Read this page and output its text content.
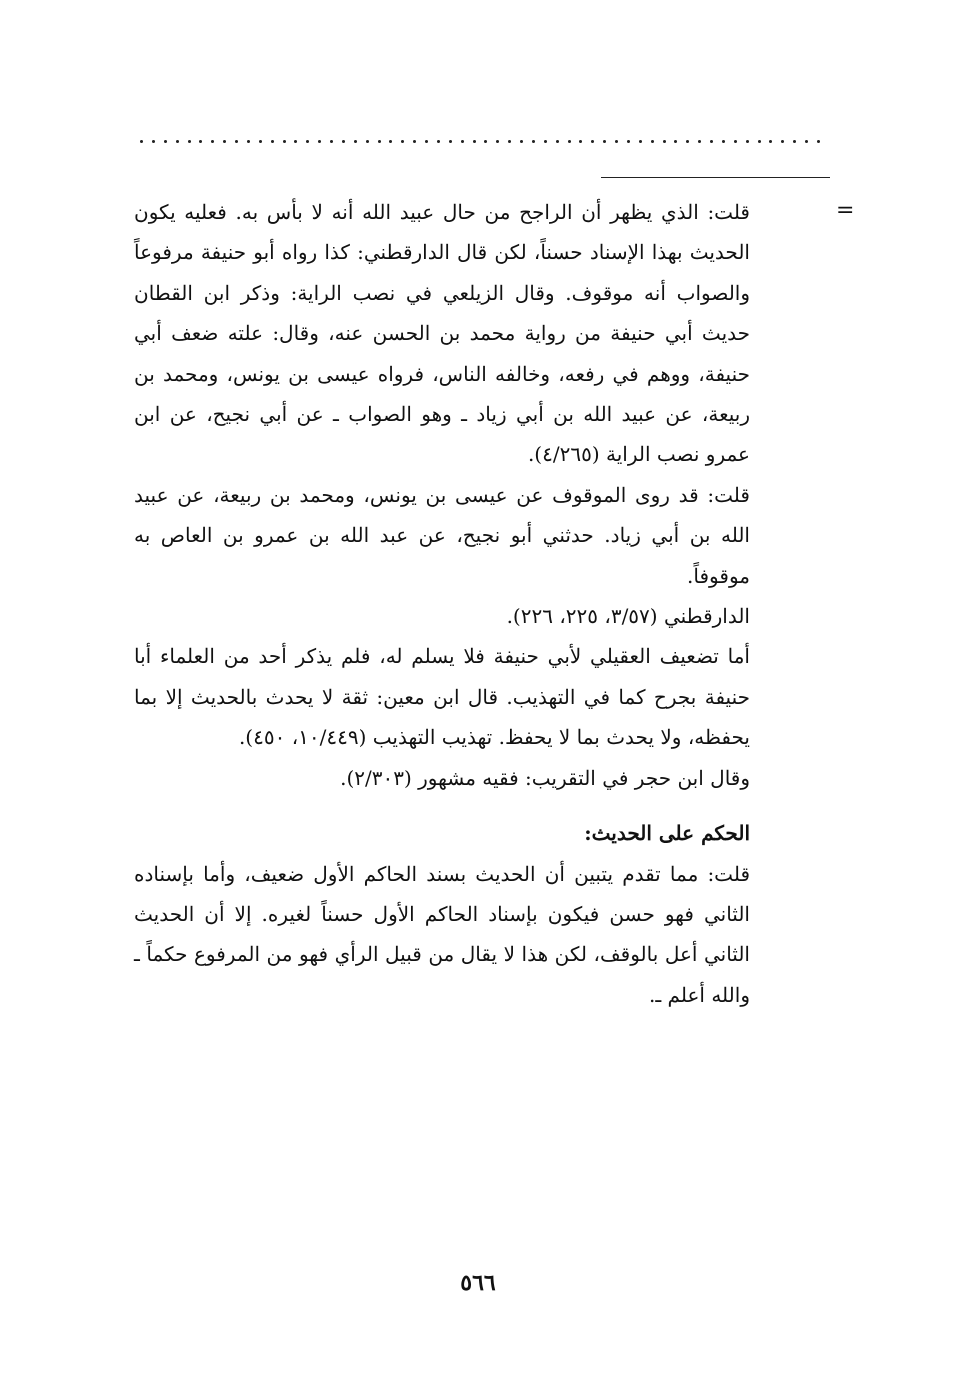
=

قلت: الذي يظهر أن الراجح من حال عبيد الله أنه لا بأس به. فعليه يكون الحديث بهذا الإسناد حسناً، لكن قال الدارقطني: كذا رواه أبو حنيفة مرفوعاً والصواب أنه موقوف. وقال الزيلعي في نصب الراية: وذكر ابن القطان حديث أبي حنيفة من رواية محمد بن الحسن عنه، وقال: علته ضعف أبي حنيفة، ووهم في رفعه، وخالفه الناس، فرواه عيسى بن يونس، ومحمد بن ربيعة، عن عبيد الله بن أبي زياد ـ وهو الصواب ـ عن أبي نجيح، عن ابن عمرو نصب الراية (٤/٢٦٥).

قلت: قد روى الموقوف عن عيسى بن يونس، ومحمد بن ربيعة، عن عبيد الله بن أبي زياد. حدثني أبو نجيح، عن عبد الله بن عمرو بن العاص به موقوفاً.

الدارقطني (٣/٥٧، ٢٢٥، ٢٢٦).

أما تضعيف العقيلي لأبي حنيفة فلا يسلم له، فلم يذكر أحد من العلماء أبا حنيفة بجرح كما في التهذيب. قال ابن معين: ثقة لا يحدث بالحديث إلا بما يحفظه، ولا يحدث بما لا يحفظ. تهذيب التهذيب (١٠/٤٤٩، ٤٥٠).

وقال ابن حجر في التقريب: فقيه مشهور (٢/٣٠٣).

الحكم على الحديث:

قلت: مما تقدم يتبين أن الحديث بسند الحاكم الأول ضعيف، وأما بإسناده الثاني فهو حسن فيكون بإسناد الحاكم الأول حسناً لغيره. إلا أن الحديث الثاني أعل بالوقف، لكن هذا لا يقال من قبيل الرأي فهو من المرفوع حكماً ـ والله أعلم ـ.

٥٦٦
